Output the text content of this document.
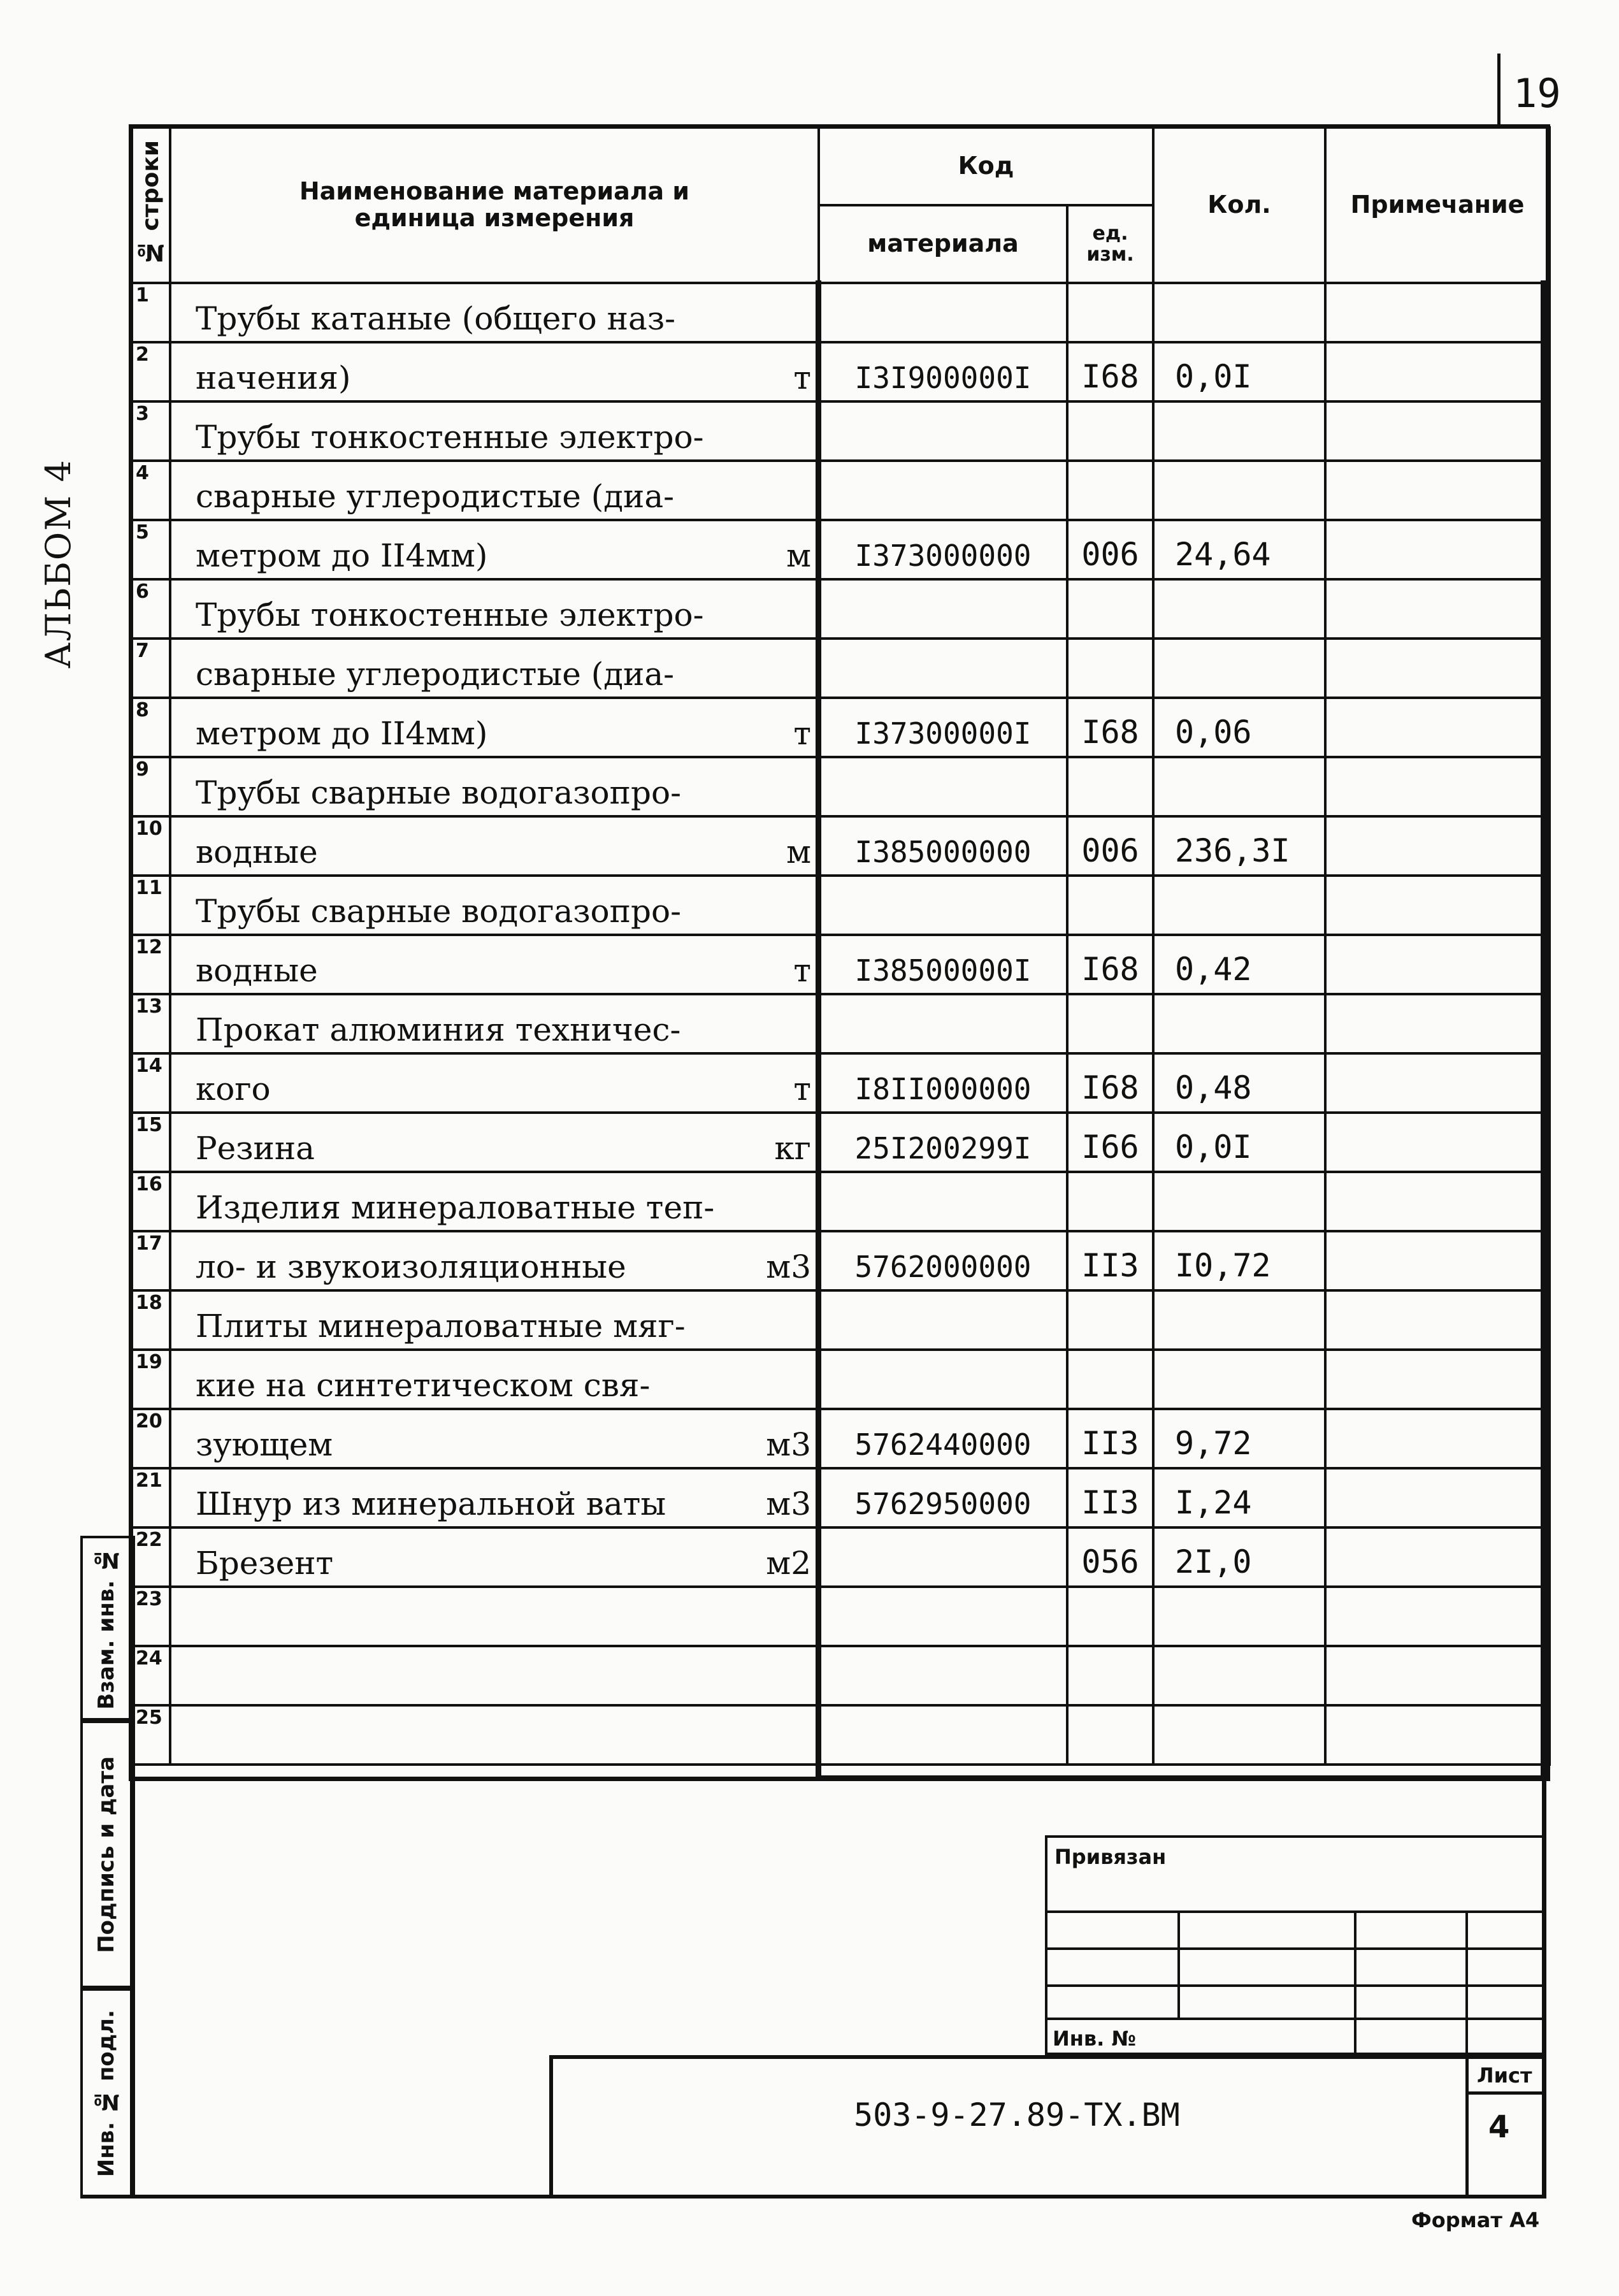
19
АЛЬБОМ 4
№ строки	Наименование материала и единица измерения	Код		Кол.	Примечание
		материала	ед. изм.		
1	Трубы катаные (общего наз-				

2	начения) т	I3I900000I	I68	0,0I	
3	Трубы тонкостенные электро-				

4	сварные углеродистые (диа-				

5	метром до II4мм) м	I373000000	006	24,64	
6	Трубы тонкостенные электро-				

7	сварные углеродистые (диа-				

8	метром до II4мм) т	I37300000I	I68	0,06	
9	Трубы сварные водогазопро-				

10	водные м	I385000000	006	236,3I	
11	Трубы сварные водогазопро-				

12	водные т	I38500000I	I68	0,42	
13	Прокат алюминия техничес-				

14	кого т	I8II000000	I68	0,48	
15	Резина кг	25I200299I	I66	0,0I	
16	Изделия минераловатные теп-				

17	ло- и звукоизоляционные м3	5762000000	II3	I0,72	
18	Плиты минераловатные мяг-				

19	кие на синтетическом свя-				

20	зующем м3	5762440000	II3	9,72	
21	Шнур из минеральной ваты м3	5762950000	II3	I,24	
22	Брезент м2		056	2I,0	
23	

24	

25	

Взам. инв. №
Подпись и дата
Инв. № подл.
Привязан
Инв. №
503-9-27.89-ТХ.ВМ
Лист
4
Формат А4
